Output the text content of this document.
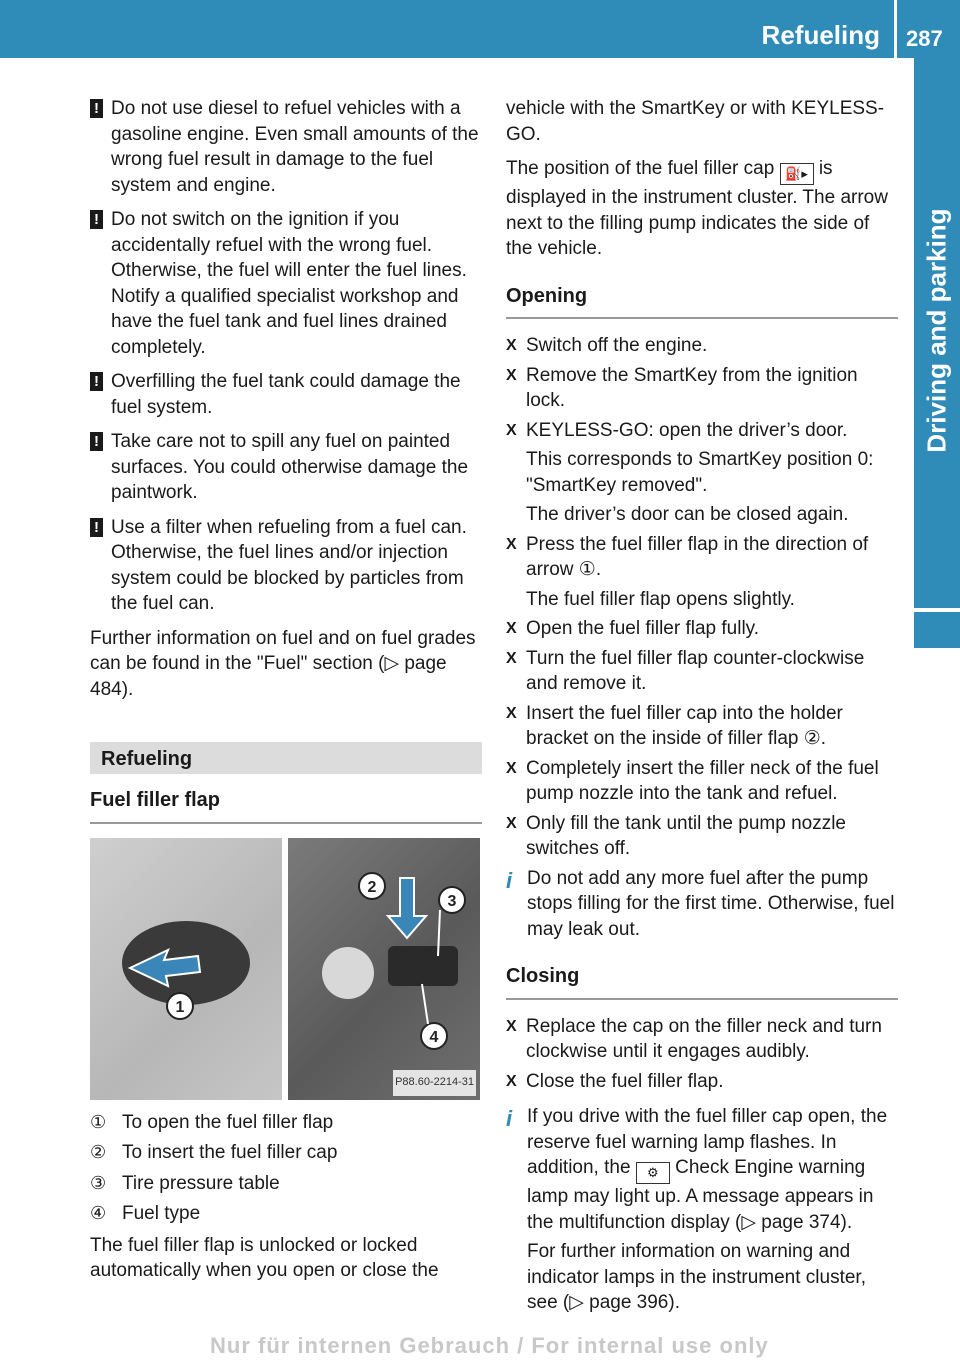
Refueling 287
Driving and parking

! Do not use diesel to refuel vehicles with a gasoline engine. Even small amounts of the wrong fuel result in damage to the fuel system and engine.

! Do not switch on the ignition if you accidentally refuel with the wrong fuel. Otherwise, the fuel will enter the fuel lines. Notify a qualified specialist workshop and have the fuel tank and fuel lines drained completely.

! Overfilling the fuel tank could damage the fuel system.

! Take care not to spill any fuel on painted surfaces. You could otherwise damage the paintwork.

! Use a filter when refueling from a fuel can. Otherwise, the fuel lines and/or injection system could be blocked by particles from the fuel can.

Further information on fuel and on fuel grades can be found in the "Fuel" section (▷ page 484).

Refueling
Fuel filler flap
1
2
3
4
P88.60-2214-31
① To open the fuel filler flap
② To insert the fuel filler cap
③ Tire pressure table
④ Fuel type

The fuel filler flap is unlocked or locked automatically when you open or close the

vehicle with the SmartKey or with KEYLESS-GO.

The position of the fuel filler cap ⛽▸ is displayed in the instrument cluster. The arrow next to the filling pump indicates the side of the vehicle.

Opening
X Switch off the engine.
X Remove the SmartKey from the ignition lock.
X KEYLESS-GO: open the driver’s door.
This corresponds to SmartKey position 0: "SmartKey removed".
The driver’s door can be closed again.
X Press the fuel filler flap in the direction of arrow ①.
The fuel filler flap opens slightly.
X Open the fuel filler flap fully.
X Turn the fuel filler flap counter-clockwise and remove it.
X Insert the fuel filler cap into the holder bracket on the inside of filler flap ②.
X Completely insert the filler neck of the fuel pump nozzle into the tank and refuel.
X Only fill the tank until the pump nozzle switches off.

i Do not add any more fuel after the pump stops filling for the first time. Otherwise, fuel may leak out.

Closing
X Replace the cap on the filler neck and turn clockwise until it engages audibly.
X Close the fuel filler flap.
i If you drive with the fuel filler cap open, the reserve fuel warning lamp flashes. In addition, the ⚙ Check Engine warning lamp may light up. A message appears in the multifunction display (▷ page 374).

For further information on warning and indicator lamps in the instrument cluster, see (▷ page 396).

Nur für internen Gebrauch / For internal use only
